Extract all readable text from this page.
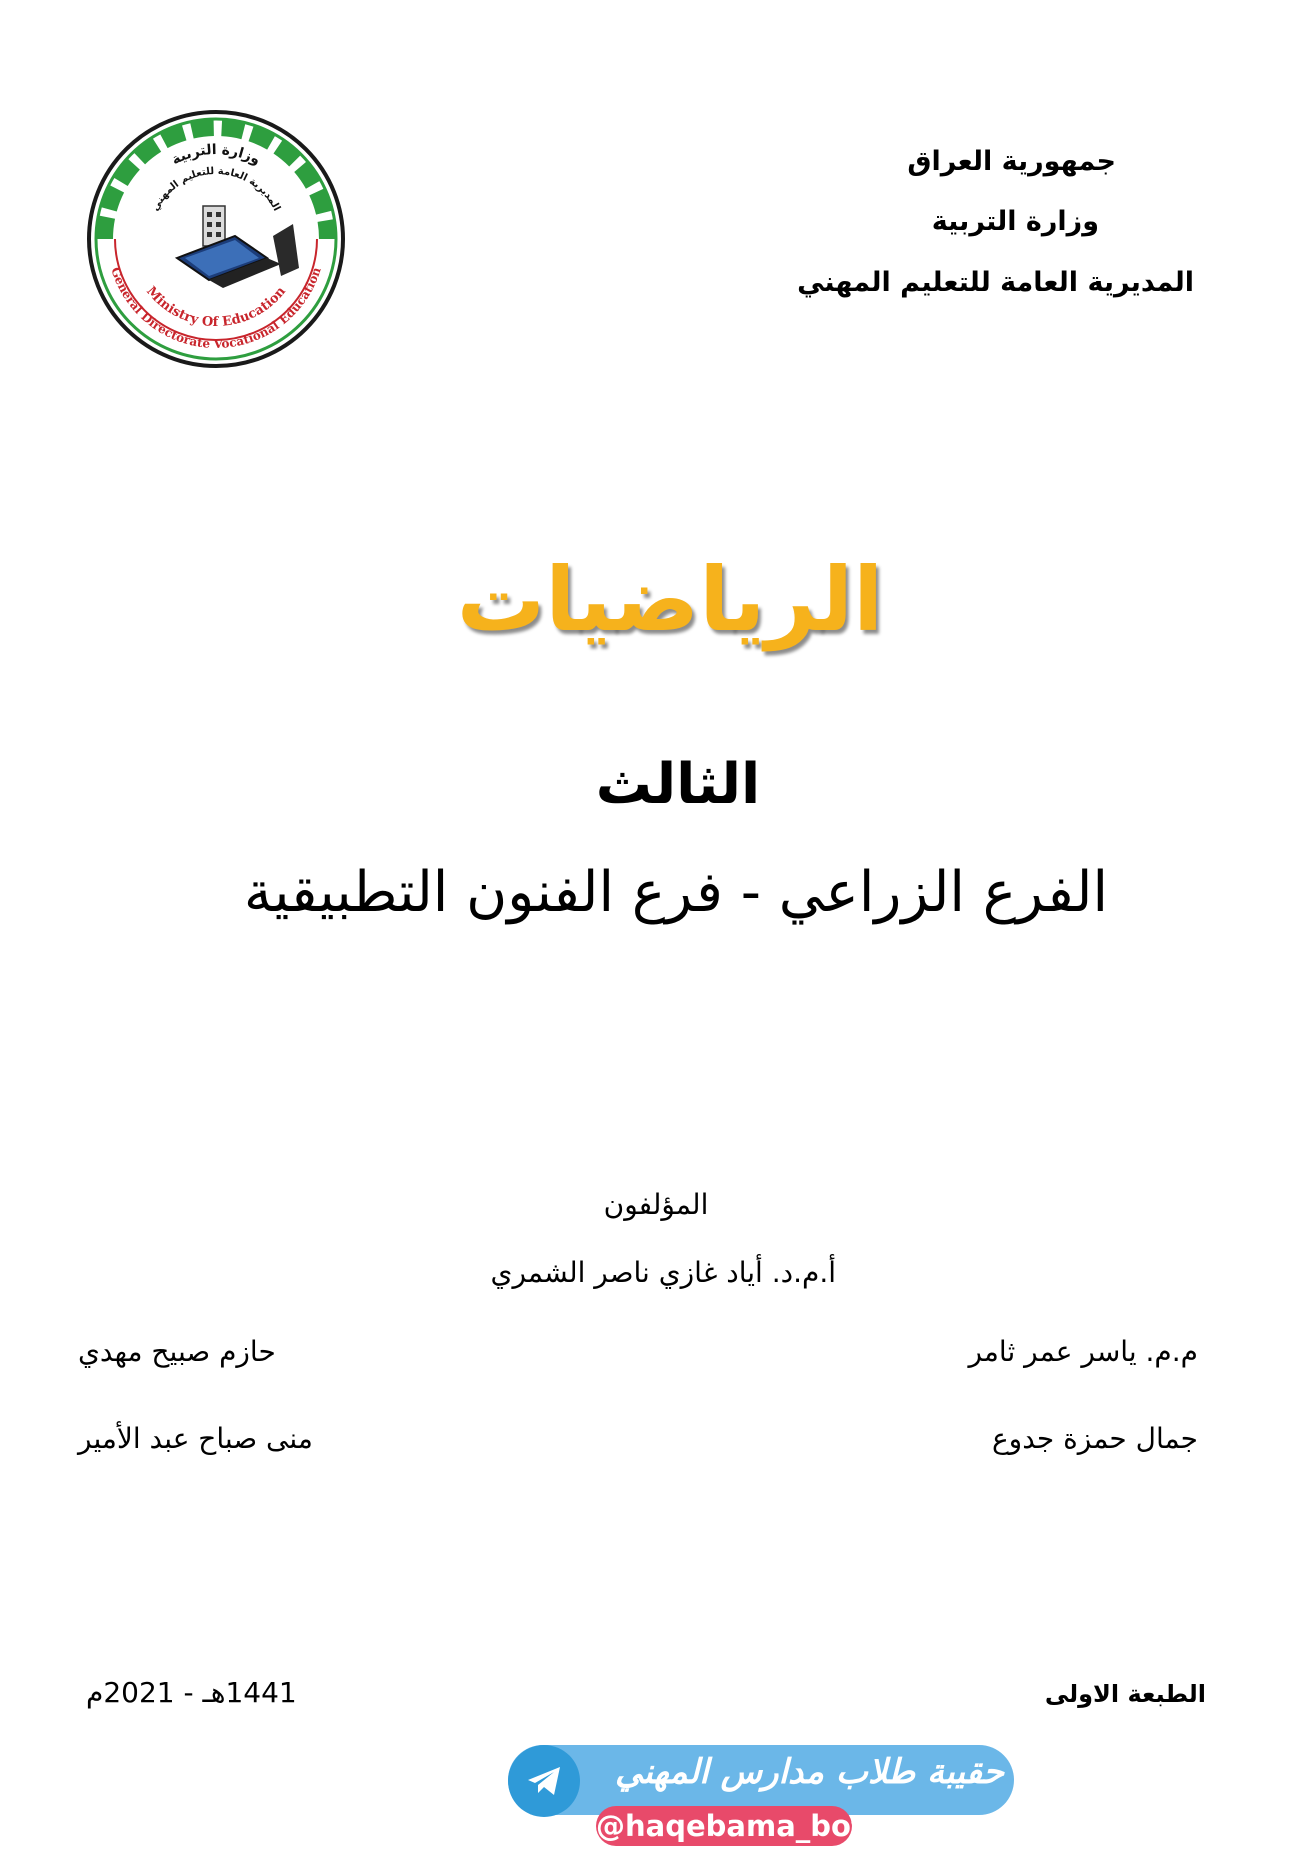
جمهورية العراق
وزارة التربية
المديرية العامة للتعليم المهني
وزارة التربية
المديرية العامة للتعليم المهني
General Directorate Vocational Education
Ministry Of Education
الرياضيات
الثالث
الفرع الزراعي - فرع الفنون التطبيقية
المؤلفون
أ.م.د. أياد غازي ناصر الشمري
م.م. ياسر عمر ثامر
حازم صبيح مهدي
جمال حمزة جدوع
منى صباح عبد الأمير
الطبعة الاولى
1441هـ - 2021م
حقيبة طلاب مدارس المهني
@haqebama_bot
